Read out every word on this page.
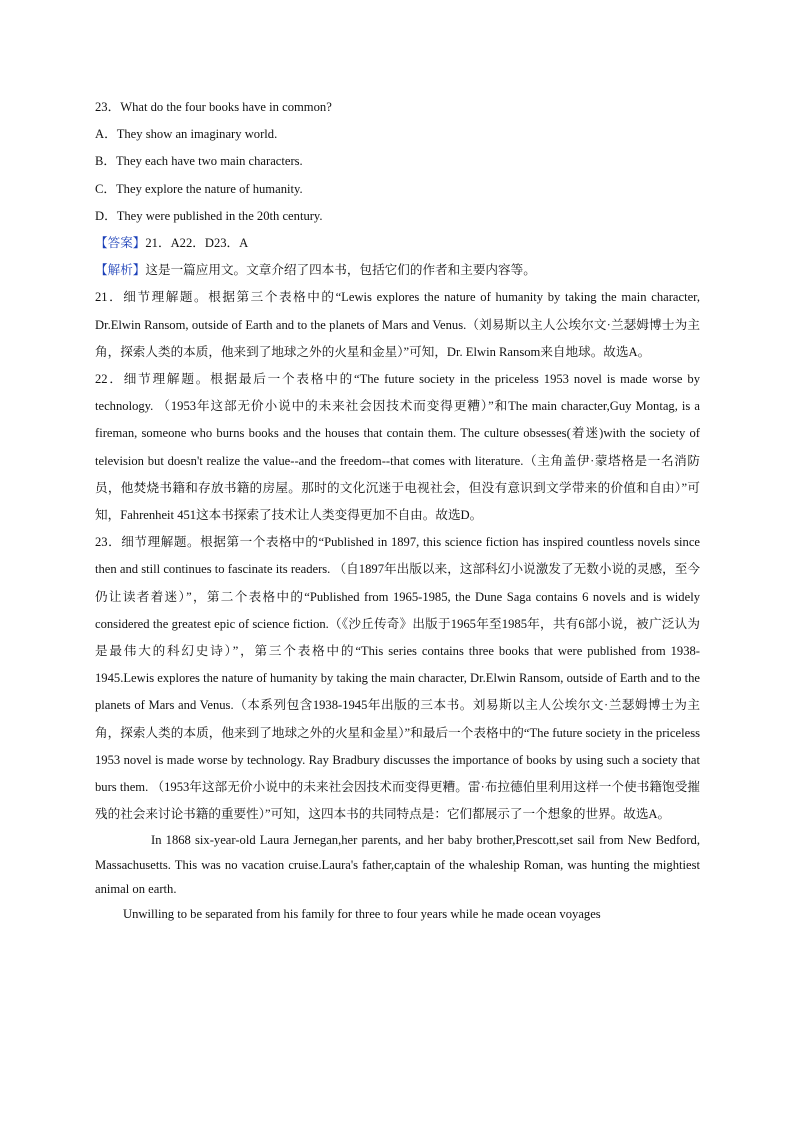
23．What do the four books have in common?
A．They show an imaginary world.
B．They each have two main characters.
C．They explore the nature of humanity.
D．They were published in the 20th century.
【答案】21．A22．D23．A
【解析】这是一篇应用文。文章介绍了四本书，包括它们的作者和主要内容等。
21．细节理解题。根据第三个表格中的“Lewis explores the nature of humanity by taking the main character, Dr.Elwin Ransom, outside of Earth and to the planets of Mars and Venus.（刘易斯以主人公埃尔文·兰瑟姆博士为主角，探索人类的本质，他来到了地球之外的火星和金星）”可知，Dr. Elwin Ransom来自地球。故选A。
22．细节理解题。根据最后一个表格中的“The future society in the priceless 1953 novel is made worse by technology. （1953年这部无价小说中的未来社会因技术而变得更糟）”和The main character,Guy Montag, is a fireman, someone who burns books and the houses that contain them. The culture obsesses(着迷)with the society of television but doesn't realize the value--and the freedom--that comes with literature.（主角盖伊·蒙塔格是一名消防员，他焚烧书籍和存放书籍的房屋。那时的文化沉迷于电视社会，但没有意识到文学带来的价值和自由）”可知，Fahrenheit 451这本书探索了技术让人类变得更加不自由。故选D。
23．细节理解题。根据第一个表格中的“Published in 1897, this science fiction has inspired countless novels since then and still continues to fascinate its readers. （自1897年出版以来，这部科幻小说激发了无数小说的灵感，至今仍让读者着迷）”，第二个表格中的“Published from 1965-1985, the Dune Saga contains 6 novels and is widely considered the greatest epic of science fiction.（《沙丘传奇》出版于1965年至1985年，共有6部小说，被广泛认为是最伟大的科幻史诗）”，第三个表格中的“This series contains three books that were published from 1938-1945.Lewis explores the nature of humanity by taking the main character, Dr.Elwin Ransom, outside of Earth and to the planets of Mars and Venus.（本系列包含1938-1945年出版的三本书。刘易斯以主人公埃尔文·兰瑟姆博士为主角，探索人类的本质，他来到了地球之外的火星和金星）”和最后一个表格中的“The future society in the priceless 1953 novel is made worse by technology. Ray Bradbury discusses the importance of books by using such a society that burs them. （1953年这部无价小说中的未来社会因技术而变得更糟。雷·布拉德伯里利用这样一个使书籍饱受摧残的社会来讨论书籍的重要性）”可知，这四本书的共同特点是：它们都展示了一个想象的世界。故选A。
In 1868 six-year-old Laura Jernegan,her parents, and her baby brother,Prescott,set sail from New Bedford, Massachusetts. This was no vacation cruise.Laura's father,captain of the whaleship Roman, was hunting the mightiest animal on earth.
Unwilling to be separated from his family for three to four years while he made ocean voyages
